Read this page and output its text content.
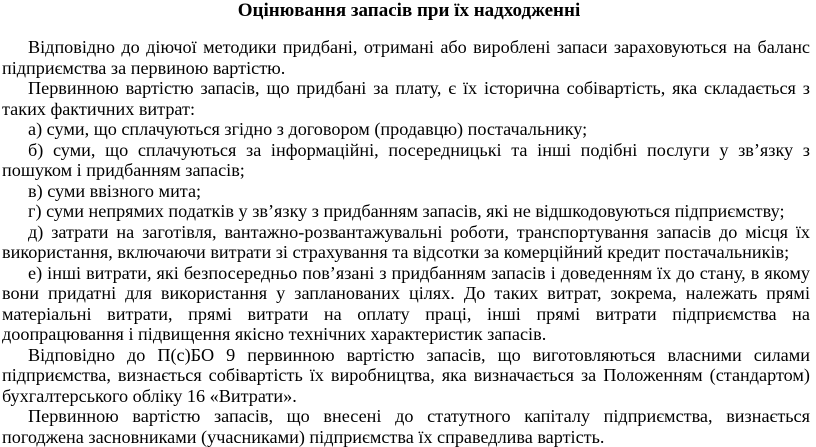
Оцінювання запасів при їх надходженні

Відповідно до діючої методики придбані, отримані або вироблені запаси зараховуються на баланс підприємства за первиною вартістю.

Первинною вартістю запасів, що придбані за плату, є їх історична собівартість, яка складається з таких фактичних витрат:

а) суми, що сплачуються згідно з договором (продавцю) постачальнику;

б) суми, що сплачуються за інформаційні, посередницькі та інші подібні послуги у зв’язку з пошуком і придбанням запасів;

в) суми ввізного мита;

г) суми непрямих податків у зв’язку з придбанням запасів, які не відшкодовуються підприємству;

д) затрати на заготівля, вантажно-розвантажувальні роботи, транспортування запасів до місця їх використання, включаючи витрати зі страхування та відсотки за комерційний кредит постачальників;

е) інші витрати, які безпосередньо пов’язані з придбанням запасів і доведенням їх до стану, в якому вони придатні для використання у запланованих цілях. До таких витрат, зокрема, належать прямі матеріальні витрати, прямі витрати на оплату праці, інші прямі витрати підприємства на доопрацювання і підвищення якісно технічних характеристик запасів.

Відповідно до П(с)БО 9 первинною вартістю запасів, що виготовляються власними силами підприємства, визнається собівартість їх виробництва, яка визначається за Положенням (стандартом) бухгалтерського обліку 16 «Витрати».

Первинною вартістю запасів, що внесені до статутного капіталу підприємства, визнається погоджена засновниками (учасниками) підприємства їх справедлива вартість.
